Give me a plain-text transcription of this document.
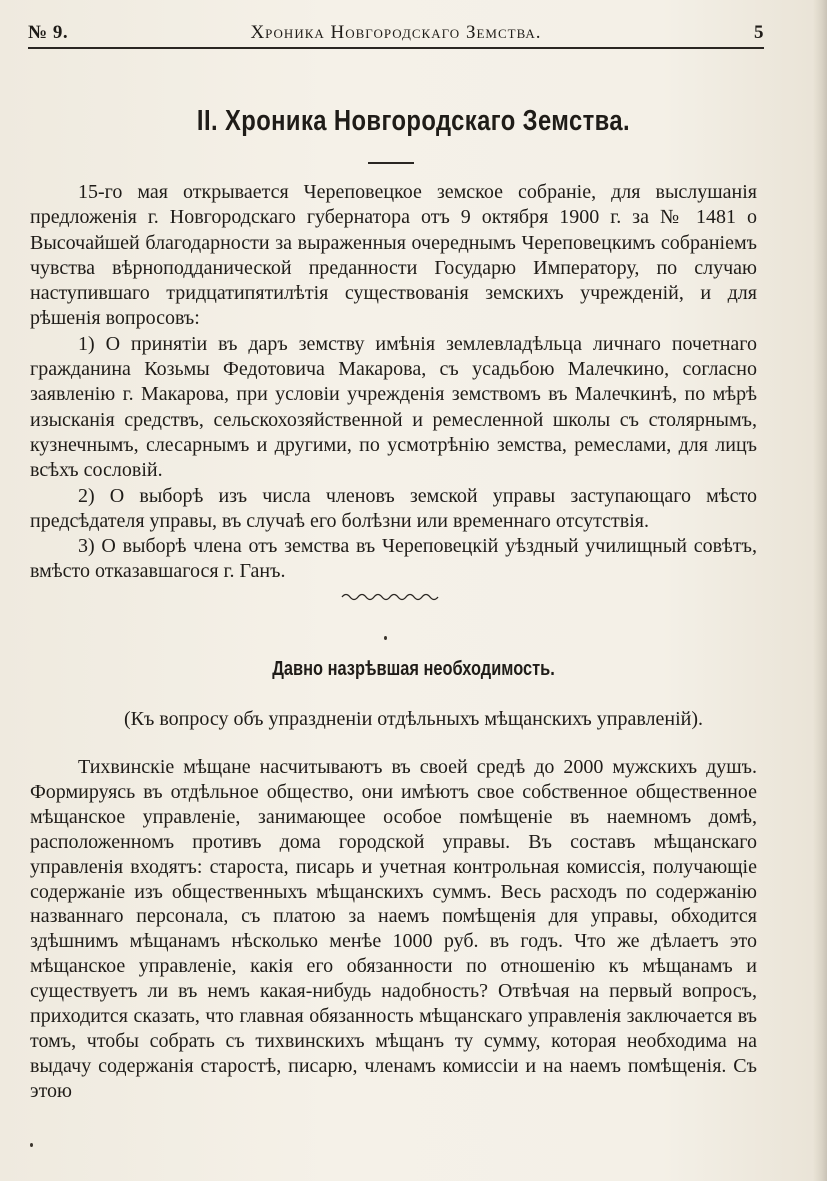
№ 9.	Хроника Новгородскаго Земства.	5
II. Хроника Новгородскаго Земства.

15-го мая открывается Череповецкое земское собранiе, для выслушанiя предложенiя г. Новгородскаго губернатора отъ 9 октября 1900 г. за № 1481 о Высочайшей благодарности за выраженныя очереднымъ Череповецкимъ собранiемъ чувства вѣрноподданической преданности Государю Императору, по случаю наступившаго тридцатипятилѣтiя существованiя земскихъ учрежденiй, и для рѣшенiя вопросовъ:

1) О принятiи въ даръ земству имѣнiя землевладѣльца личнаго почетнаго гражданина Козьмы Федотовича Макарова, съ усадьбою Малечкино, согласно заявленiю г. Макарова, при условiи учрежденiя земствомъ въ Малечкинѣ, по мѣрѣ изысканiя средствъ, сельскохозяйственной и ремесленной школы съ столярнымъ, кузнечнымъ, слесарнымъ и другими, по усмотрѣнiю земства, ремеслами, для лицъ всѣхъ сословiй.

2) О выборѣ изъ числа членовъ земской управы заступающаго мѣсто предсѣдателя управы, въ случаѣ его болѣзни или временнаго отсутствiя.

3) О выборѣ члена отъ земства въ Череповецкiй уѣздный училищный совѣтъ, вмѣсто отказавшагося г. Ганъ.

Давно назрѣвшая необходимость.
(Къ вопросу объ упраздненiи отдѣльныхъ мѣщанскихъ управленiй).

Тихвинскiе мѣщане насчитываютъ въ своей средѣ до 2000 мужскихъ душъ. Формируясь въ отдѣльное общество, они имѣютъ свое собственное общественное мѣщанское управленiе, занимающее особое помѣщенiе въ наемномъ домѣ, расположенномъ противъ дома городской управы. Въ составъ мѣщанскаго управленiя входятъ: староста, писарь и учетная контрольная комиссiя, получающiе содержанiе изъ общественныхъ мѣщанскихъ суммъ. Весь расходъ по содержанiю названнаго персонала, съ платою за наемъ помѣщенiя для управы, обходится здѣшнимъ мѣщанамъ нѣсколько менѣе 1000 руб. въ годъ. Что же дѣлаетъ это мѣщанское управленiе, какiя его обязанности по отношенiю къ мѣщанамъ и существуетъ ли въ немъ какая-нибудь надобность? Отвѣчая на первый вопросъ, приходится сказать, что главная обязанность мѣщанскаго управленiя заключается въ томъ, чтобы собрать съ тихвинскихъ мѣщанъ ту сумму, которая необходима на выдачу содержанiя старостѣ, писарю, членамъ комиссiи и на наемъ помѣщенiя. Съ этою
